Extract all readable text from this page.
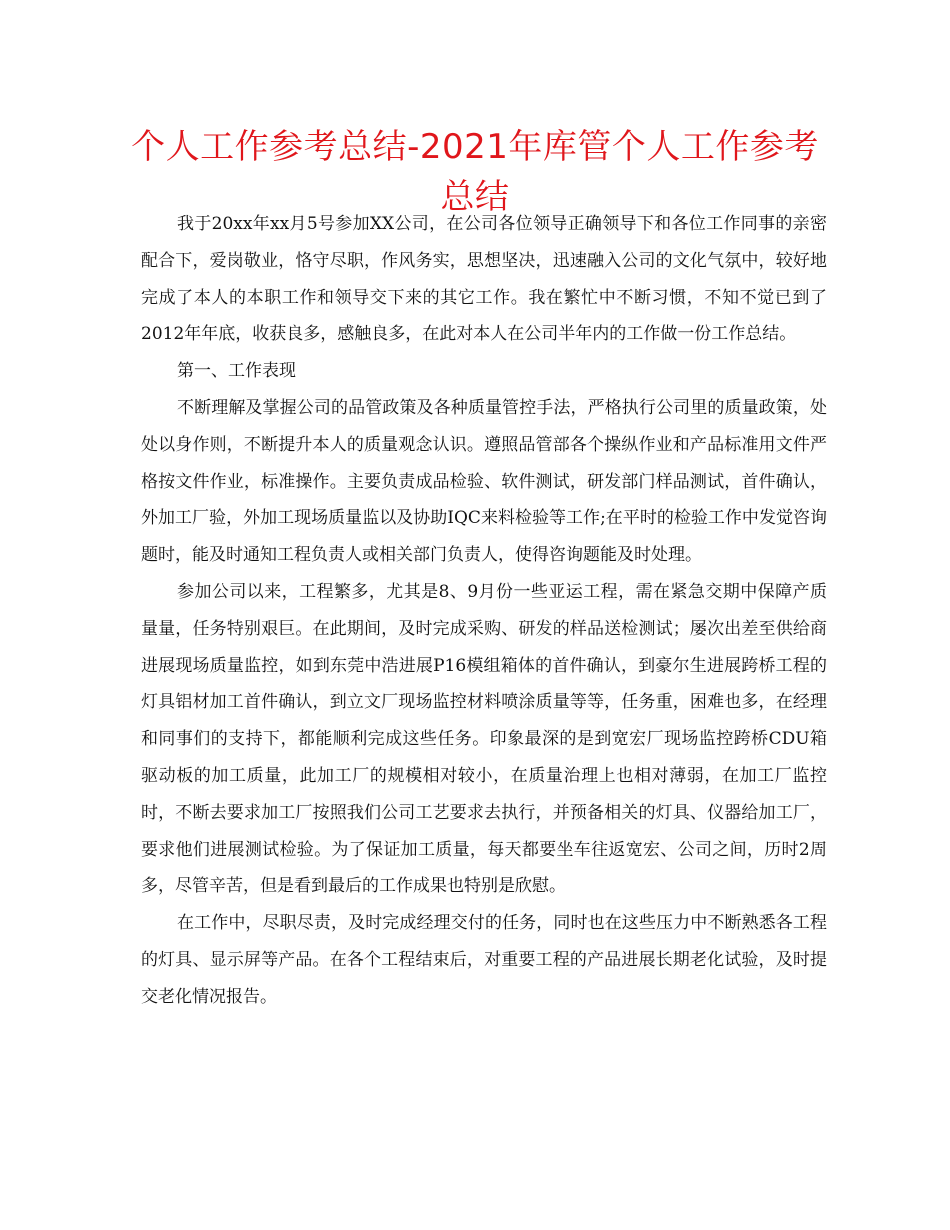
个人工作参考总结-2021年库管个人工作参考总结

我于20xx年xx月5号参加XX公司，在公司各位领导正确领导下和各位工作同事的亲密配合下，爱岗敬业，恪守尽职，作风务实，思想坚决，迅速融入公司的文化气氛中，较好地完成了本人的本职工作和领导交下来的其它工作。我在繁忙中不断习惯，不知不觉已到了2012年年底，收获良多，感触良多，在此对本人在公司半年内的工作做一份工作总结。

第一、工作表现

不断理解及掌握公司的品管政策及各种质量管控手法，严格执行公司里的质量政策，处处以身作则，不断提升本人的质量观念认识。遵照品管部各个操纵作业和产品标准用文件严格按文件作业，标准操作。主要负责成品检验、软件测试，研发部门样品测试，首件确认，外加工厂验，外加工现场质量监以及协助IQC来料检验等工作;在平时的检验工作中发觉咨询题时，能及时通知工程负责人或相关部门负责人，使得咨询题能及时处理。

参加公司以来，工程繁多，尤其是8、9月份一些亚运工程，需在紧急交期中保障产质量量，任务特别艰巨。在此期间，及时完成采购、研发的样品送检测试；屡次出差至供给商进展现场质量监控，如到东莞中浩进展P16模组箱体的首件确认，到豪尔生进展跨桥工程的灯具铝材加工首件确认，到立文厂现场监控材料喷涂质量等等，任务重，困难也多，在经理和同事们的支持下，都能顺利完成这些任务。印象最深的是到宽宏厂现场监控跨桥CDU箱驱动板的加工质量，此加工厂的规模相对较小，在质量治理上也相对薄弱，在加工厂监控时，不断去要求加工厂按照我们公司工艺要求去执行，并预备相关的灯具、仪器给加工厂，要求他们进展测试检验。为了保证加工质量，每天都要坐车往返宽宏、公司之间，历时2周多，尽管辛苦，但是看到最后的工作成果也特别是欣慰。

在工作中，尽职尽责，及时完成经理交付的任务，同时也在这些压力中不断熟悉各工程的灯具、显示屏等产品。在各个工程结束后，对重要工程的产品进展长期老化试验，及时提交老化情况报告。
